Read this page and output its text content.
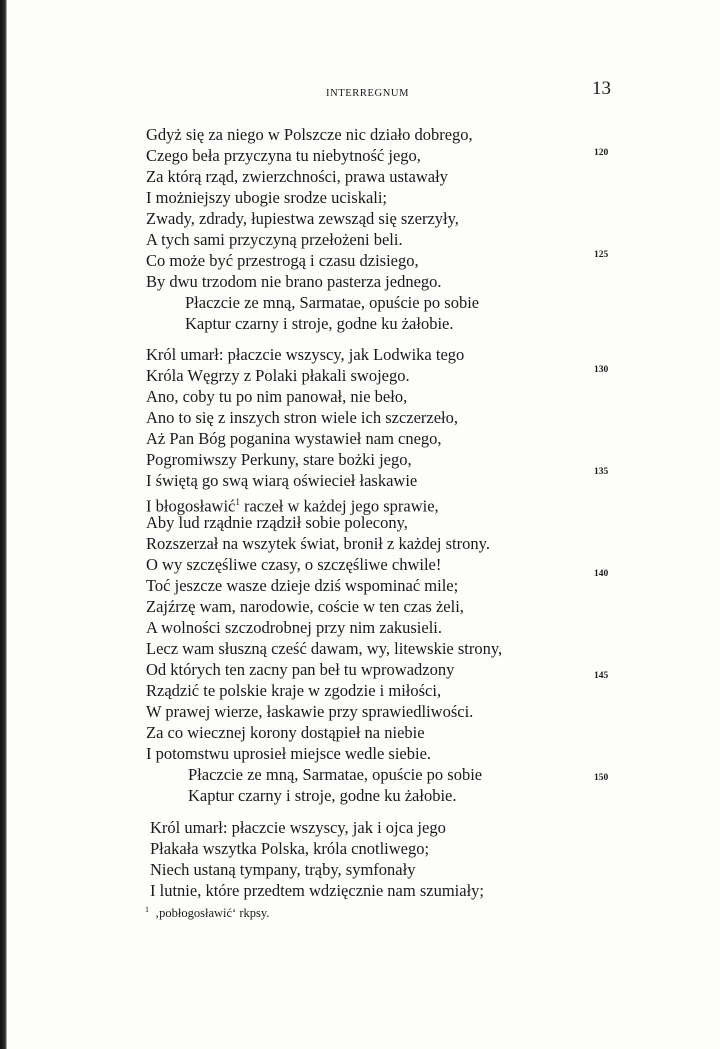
INTERREGNUM	13
Gdyż się za niego w Polszcze nic działo dobrego,
Czego beła przyczyna tu niebytność jego,
Za którą rząd, zwierzchności, prawa ustawały
I możniejszy ubogie srodze uciskali;
Zwady, zdrady, łupiestwa zewsząd się szerzyły,
A tych sami przyczyną przełożeni beli.
Co może być przestrogą i czasu dzisiego,
By dwu trzodom nie brano pasterza jednego.
Płaczcie ze mną, Sarmatae, opuście po sobie
Kaptur czarny i stroje, godne ku żałobie.
Król umarł: płaczcie wszyscy, jak Lodwika tego
Króla Węgrzy z Polaki płakali swojego.
Ano, coby tu po nim panował, nie beło,
Ano to się z inszych stron wiele ich szczerzeło,
Aż Pan Bóg poganina wystawieł nam cnego,
Pogromiwszy Perkuny, stare bożki jego,
I świętą go swą wiarą oświecieł łaskawie
I błogosławić$^1$ raczeł w każdej jego sprawie,
Aby lud rządnie rządził sobie polecony,
Rozszerzał na wszytek świat, bronił z każdej strony.
O wy szczęśliwe czasy, o szczęśliwe chwile!
Toć jeszcze wasze dzieje dziś wspominać mile;
Zajźrzę wam, narodowie, coście w ten czas żeli,
A wolności szczodrobnej przy nim zakusieli.
Lecz wam słuszną cześć dawam, wy, litewskie strony,
Od których ten zacny pan beł tu wprowadzony
Rządzić te polskie kraje w zgodzie i miłości,
W prawej wierze, łaskawie przy sprawiedliwości.
Za co wiecznej korony dostąpieł na niebie
I potomstwu uprosieł miejsce wedle siebie.
Płaczcie ze mną, Sarmatae, opuście po sobie
Kaptur czarny i stroje, godne ku żałobie.
Król umarł: płaczcie wszyscy, jak i ojca jego
Płakała wszytka Polska, króla cnotliwego;
Niech ustaną tympany, trąby, symfonały
I lutnie, które przedtem wdzięcznie nam szumiały;
120
125
130
135
140
145
150
$^1$ ‚pobłogosławić‘ rkpsy.
